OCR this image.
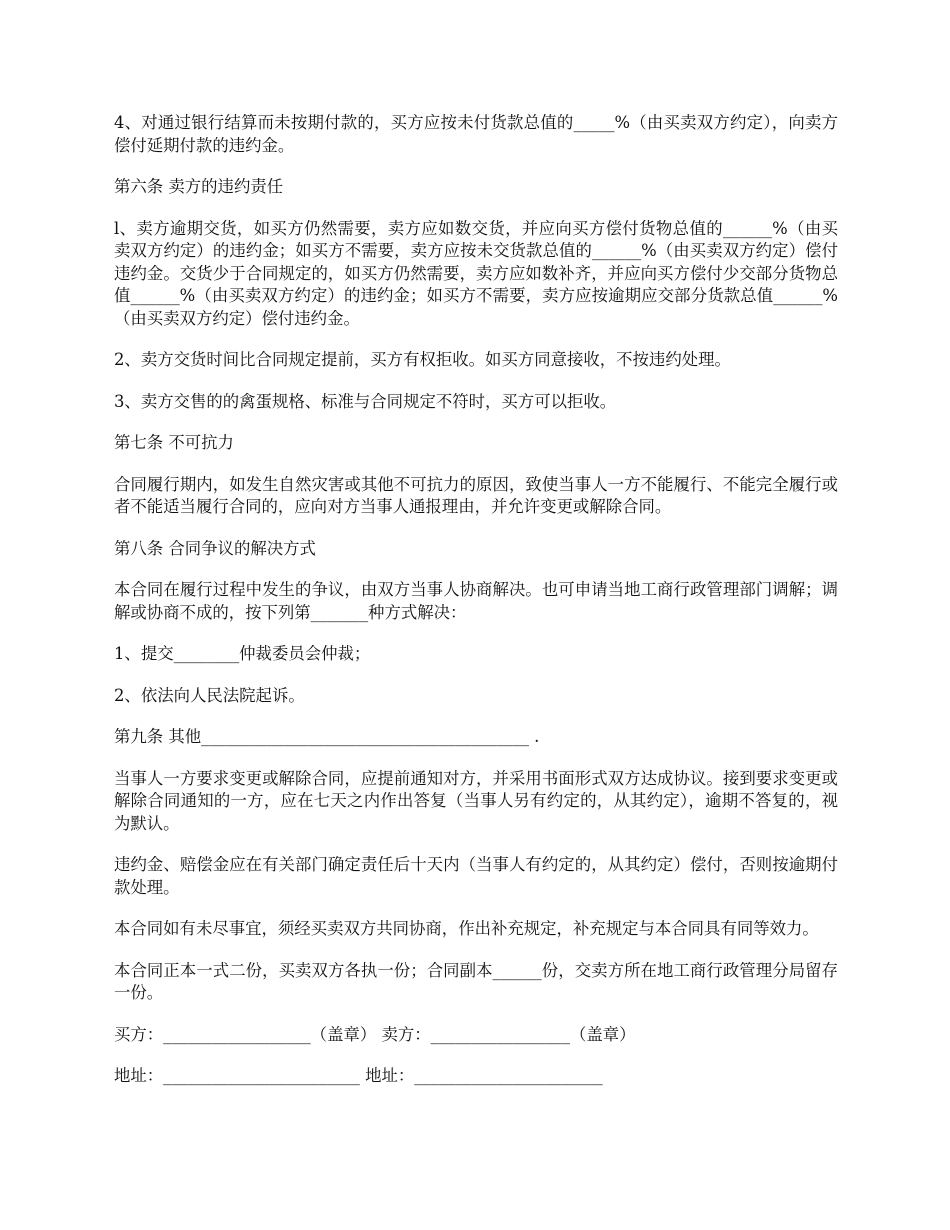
4、对通过银行结算而未按期付款的，买方应按未付货款总值的_____%（由买卖双方约定），向卖方偿付延期付款的违约金。

第六条 卖方的违约责任

l、卖方逾期交货，如买方仍然需要，卖方应如数交货，并应向买方偿付货物总值的______%（由买卖双方约定）的违约金；如买方不需要，卖方应按未交货款总值的______%（由买卖双方约定）偿付违约金。交货少于合同规定的，如买方仍然需要，卖方应如数补齐，并应向买方偿付少交部分货物总值______%（由买卖双方约定）的违约金；如买方不需要，卖方应按逾期应交部分货款总值______%（由买卖双方约定）偿付违约金。

2、卖方交货时间比合同规定提前，买方有权拒收。如买方同意接收，不按违约处理。

3、卖方交售的的禽蛋规格、标准与合同规定不符时，买方可以拒收。

第七条 不可抗力

合同履行期内，如发生自然灾害或其他不可抗力的原因，致使当事人一方不能履行、不能完全履行或者不能适当履行合同的，应向对方当事人通报理由，并允许变更或解除合同。

第八条 合同争议的解决方式

本合同在履行过程中发生的争议，由双方当事人协商解决。也可申请当地工商行政管理部门调解；调解或协商不成的，按下列第_______种方式解决：

1、提交________仲裁委员会仲裁；

2、依法向人民法院起诉。

第九条 其他________________________________________ .

当事人一方要求变更或解除合同，应提前通知对方，并采用书面形式双方达成协议。接到要求变更或解除合同通知的一方，应在七天之内作出答复（当事人另有约定的，从其约定），逾期不答复的，视为默认。

违约金、赔偿金应在有关部门确定责任后十天内（当事人有约定的，从其约定）偿付，否则按逾期付款处理。

本合同如有未尽事宜，须经买卖双方共同协商，作出补充规定，补充规定与本合同具有同等效力。

本合同正本一式二份，买卖双方各执一份；合同副本______份，交卖方所在地工商行政管理分局留存一份。

买方：__________________（盖章） 卖方：_________________（盖章）

地址：________________________ 地址：_______________________
